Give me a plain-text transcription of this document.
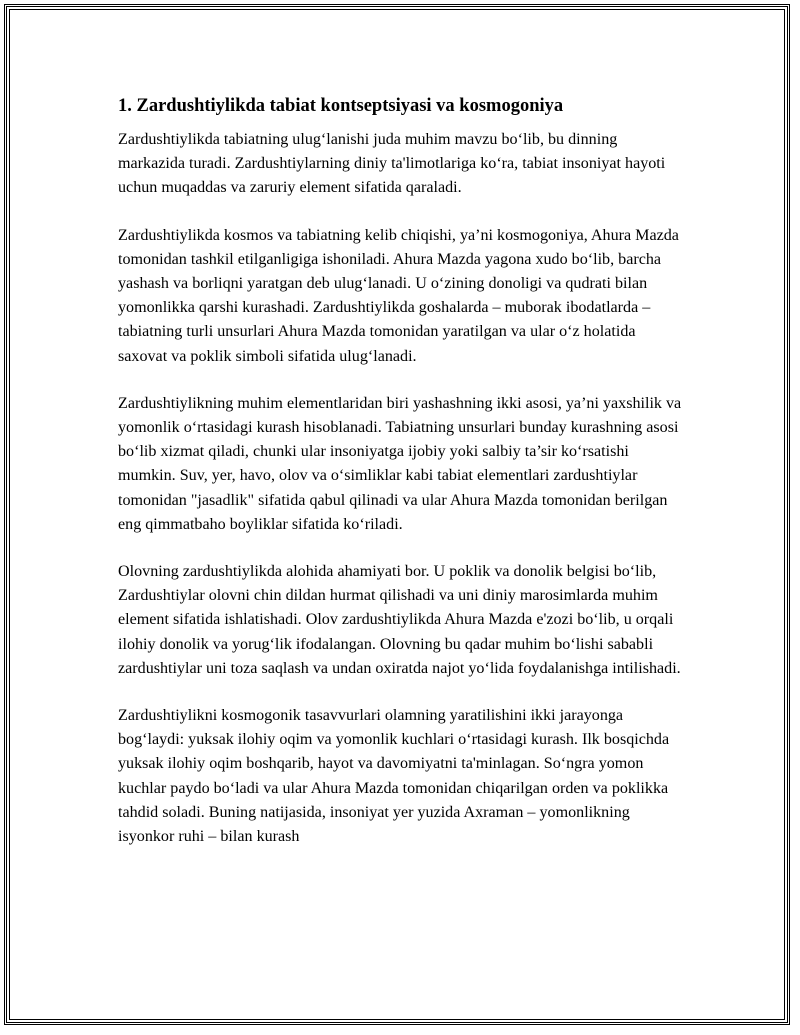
1. Zardushtiylikda tabiat kontseptsiyasi va kosmogoniya

Zardushtiylikda tabiatning ulug‘lanishi juda muhim mavzu bo‘lib, bu dinning markazida turadi. Zardushtiylarning diniy ta'limotlariga ko‘ra, tabiat insoniyat hayoti uchun muqaddas va zaruriy element sifatida qaraladi.

Zardushtiylikda kosmos va tabiatning kelib chiqishi, ya’ni kosmogoniya, Ahura Mazda tomonidan tashkil etilganligiga ishoniladi. Ahura Mazda yagona xudo bo‘lib, barcha yashash va borliqni yaratgan deb ulug‘lanadi. U o‘zining donoligi va qudrati bilan yomonlikka qarshi kurashadi. Zardushtiylikda goshalarda – muborak ibodatlarda – tabiatning turli unsurlari Ahura Mazda tomonidan yaratilgan va ular o‘z holatida saxovat va poklik simboli sifatida ulug‘lanadi.

Zardushtiylikning muhim elementlaridan biri yashashning ikki asosi, ya’ni yaxshilik va yomonlik o‘rtasidagi kurash hisoblanadi. Tabiatning unsurlari bunday kurashning asosi bo‘lib xizmat qiladi, chunki ular insoniyatga ijobiy yoki salbiy ta’sir ko‘rsatishi mumkin. Suv, yer, havo, olov va o‘simliklar kabi tabiat elementlari zardushtiylar tomonidan "jasadlik" sifatida qabul qilinadi va ular Ahura Mazda tomonidan berilgan eng qimmatbaho boyliklar sifatida ko‘riladi.

Olovning zardushtiylikda alohida ahamiyati bor. U poklik va donolik belgisi bo‘lib, Zardushtiylar olovni chin dildan hurmat qilishadi va uni diniy marosimlarda muhim element sifatida ishlatishadi. Olov zardushtiylikda Ahura Mazda e'zozi bo‘lib, u orqali ilohiy donolik va yorug‘lik ifodalangan. Olovning bu qadar muhim bo‘lishi sababli zardushtiylar uni toza saqlash va undan oxiratda najot yo‘lida foydalanishga intilishadi.

Zardushtiylikni kosmogonik tasavvurlari olamning yaratilishini ikki jarayonga bog‘laydi: yuksak ilohiy oqim va yomonlik kuchlari o‘rtasidagi kurash. Ilk bosqichda yuksak ilohiy oqim boshqarib, hayot va davomiyatni ta'minlagan. So‘ngra yomon kuchlar paydo bo‘ladi va ular Ahura Mazda tomonidan chiqarilgan orden va poklikka tahdid soladi. Buning natijasida, insoniyat yer yuzida Axraman – yomonlikning isyonkor ruhi – bilan kurash
